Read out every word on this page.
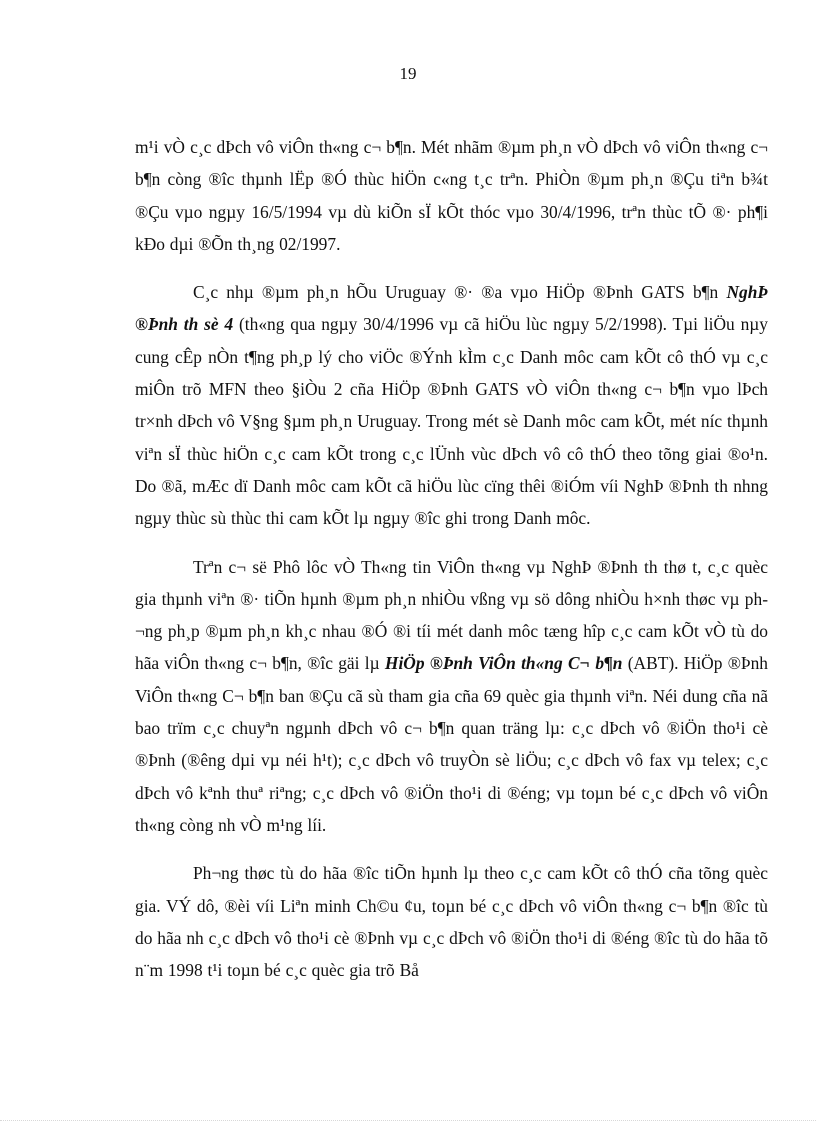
19

m¹i vÒ c¸c dÞch vô viÔn th«ng c¬ b¶n. Mét nhãm ®µm ph¸n vÒ dÞch vô viÔn th«ng c¬ b¶n còng ®îc thµnh lËp ®Ó thùc hiÖn c«ng t¸c trªn. PhiÒn ®µm ph¸n ®Çu tiªn b¾t ®Çu vµo ngµy 16/5/1994 vµ dù kiÕn sÏ kÕt thóc vµo 30/4/1996, trªn thùc tÕ ®· ph¶i kÐo dµi ®Õn th¸ng 02/1997.

C¸c nhµ ®µm ph¸n hÕu Uruguay ®· ®a vµo HiÖp ®Þnh GATS b¶n NghÞ ®Þnh th sè 4 (th«ng qua ngµy 30/4/1996 vµ cã hiÖu lùc ngµy 5/2/1998). Tµi liÖu nµy cung cÊp nÒn t¶ng ph¸p lý cho viÖc ®Ýnh kÌm c¸c Danh môc cam kÕt cô thÓ vµ c¸c miÔn trõ MFN theo §iÒu 2 cña HiÖp ®Þnh GATS vÒ viÔn th«ng c¬ b¶n vµo lÞch tr×nh dÞch vô V§ng §µm ph¸n Uruguay. Trong mét sè Danh môc cam kÕt, mét níc thµnh viªn sÏ thùc hiÖn c¸c cam kÕt trong c¸c lÜnh vùc dÞch vô cô thÓ theo tõng giai ®o¹n. Do ®ã, mÆc dï Danh môc cam kÕt cã hiÖu lùc cïng thêi ®iÓm víi NghÞ ®Þnh th nhng ngµy thùc sù thùc thi cam kÕt lµ ngµy ®îc ghi trong Danh môc.

Trªn c¬ së Phô lôc vÒ Th«ng tin ViÔn th«ng vµ NghÞ ®Þnh th thø t, c¸c quèc gia thµnh viªn ®· tiÕn hµnh ®µm ph¸n nhiÒu vßng vµ sö dông nhiÒu h×nh thøc vµ ph¬ng ph¸p ®µm ph¸n kh¸c nhau ®Ó ®i tíi mét danh môc tæng hîp c¸c cam kÕt vÒ tù do hãa viÔn th«ng c¬ b¶n, ®îc gäi lµ HiÖp ®Þnh ViÔn th«ng C¬ b¶n (ABT). HiÖp ®Þnh ViÔn th«ng C¬ b¶n ban ®Çu cã sù tham gia cña 69 quèc gia thµnh viªn. Néi dung cña nã bao trïm c¸c chuyªn ngµnh dÞch vô c¬ b¶n quan träng lµ: c¸c dÞch vô ®iÖn tho¹i cè ®Þnh (®êng dµi vµ néi h¹t); c¸c dÞch vô truyÒn sè liÖu; c¸c dÞch vô fax vµ telex; c¸c dÞch vô kªnh thuª riªng; c¸c dÞch vô ®iÖn tho¹i di ®éng; vµ toµn bé c¸c dÞch vô viÔn th«ng còng nh vÒ m¹ng líi.

Ph¬ng thøc tù do hãa ®îc tiÕn hµnh lµ theo c¸c cam kÕt cô thÓ cña tõng quèc gia. VÝ dô, ®èi víi Liªn minh Ch©u ¢u, toµn bé c¸c dÞch vô viÔn th«ng c¬ b¶n ®îc tù do hãa nh c¸c dÞch vô tho¹i cè ®Þnh vµ c¸c dÞch vô ®iÖn tho¹i di ®éng ®îc tù do hãa tõ n¨m 1998 t¹i toµn bé c¸c quèc gia trõ Bå
